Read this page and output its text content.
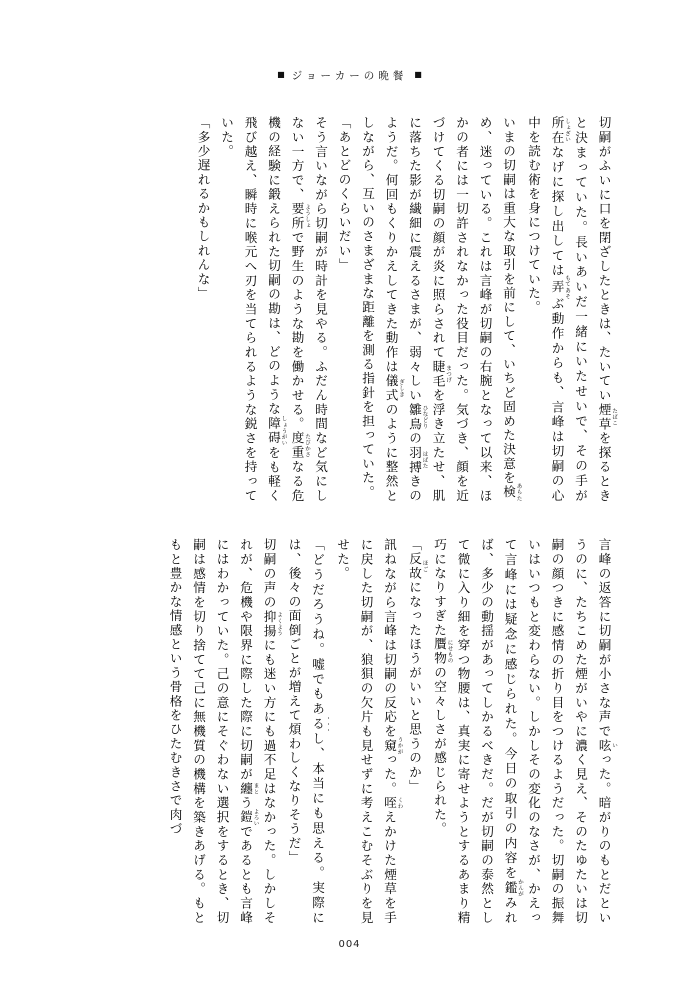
■ ジョーカーの晩餐 ■

切嗣がふいに口を閉ざしたときは、たいてい煙草 たばこを探るときと決まっていた。長いあいだ一緒にいたせいで、その手が所在 しょざいなげに探し出しては弄 もてあそぶ動作からも、言峰は切嗣の心中を読む術を身につけていた。

いまの切嗣は重大な取引を前にして、いちど固めた決意を検 あらため、迷っている。これは言峰が切嗣の右腕となって以来、ほかの者には一切許されなかった役目だった。気づき、顔を近づけてくる切嗣の顔が炎に照らされて睫毛 まつげを浮き立たせ、肌に落ちた影が繊細に震えるさまが、弱々しい雛鳥 ひなどりの羽搏 はばたきのようだ。何回もくりかえしてきた動作は儀式 ぎしきのように整然としながら、互いのさまざまな距離を測る指針を担っていた。

「あとどのくらいだい」

そう言いながら切嗣が時計を見やる。ふだん時間など気にしない一方で、要所 ようしょで野生のような勘を働かせる。度重 たびかさなる危機の経験に鍛えられた切嗣の勘は、どのような障碍 しょうがいをも軽く飛び越え、瞬時に喉元へ刃を当てられるような鋭さを持っていた。

「多少遅れるかもしれんな」

言峰の返答に切嗣が小さな声で呟 いった。暗がりのもとだというのに、たちこめた煙がいやに濃く見え、そのたゆたいは切嗣の顔つきに感情の折り目をつけるようだった。切嗣の振舞いはいつもと変わらない。しかしその変化のなさが、かえって言峰には疑念に感じられた。今日の取引の内容を鑑 かんがみれば、多少の動揺があってしかるべきだ。だが切嗣の泰然として微に入り細を穿つ物腰は、真実に寄せようとするあまり精巧になりすぎた贋物 にせものの空々しさが感じられた。

「反故 ほごになったほうがいいと思うのか」

訊ねながら言峰は切嗣の反応を窺 うかがった。咥 くわえかけた煙草を手に戻した切嗣が、狼狽の欠片も見せずに考えこむそぶりを見せた。

「どうだろうね。嘘でもあるし ・・・、本当にも思える。実際には、後々の面倒ごとが増えて煩わしくなりそうだ」

切嗣の声の抑揚 よくようにも迷い方にも過不足はなかった。しかしそれが、危機や限界に際した際に切嗣が纏 まとう鎧 よろいであるとも言峰にはわかっていた。己の意にそぐわない選択をするとき、切嗣は感情を切り捨てて己に無機質の機構を築きあげる。もともと豊かな情感という骨格をひたむきさで肉づ

004
